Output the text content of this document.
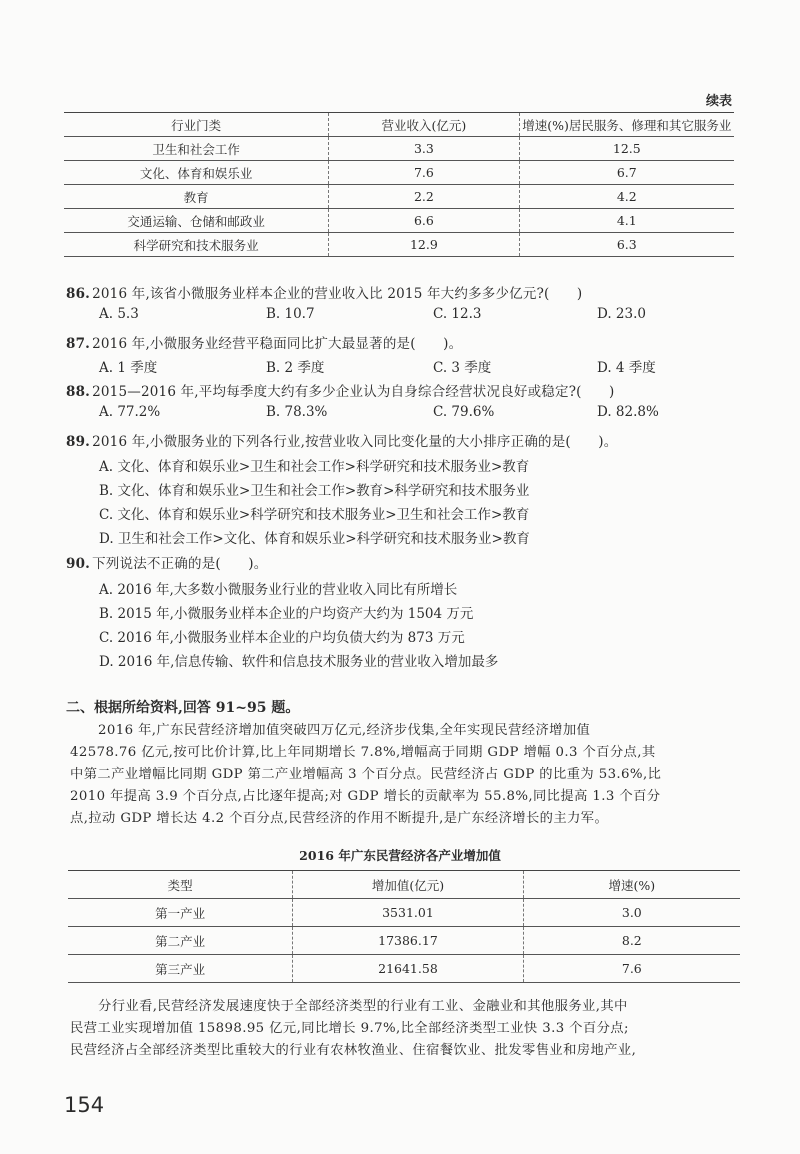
续表
行业门类	营业收入(亿元)	增速(%)居民服务、修理和其它服务业
卫生和社会工作	3.3	12.5
文化、体育和娱乐业	7.6	6.7
教育	2.2	4.2
交通运输、仓储和邮政业	6.6	4.1
科学研究和技术服务业	12.9	6.3
86. 2016 年,该省小微服务业样本企业的营业收入比 2015 年大约多多少亿元?(　　)
A. 5.3	B. 10.7	C. 12.3	D. 23.0
87. 2016 年,小微服务业经营平稳面同比扩大最显著的是(　　)。
A. 1 季度	B. 2 季度	C. 3 季度	D. 4 季度
88. 2015—2016 年,平均每季度大约有多少企业认为自身综合经营状况良好或稳定?(　　)
A. 77.2%	B. 78.3%	C. 79.6%	D. 82.8%
89. 2016 年,小微服务业的下列各行业,按营业收入同比变化量的大小排序正确的是(　　)。
A. 文化、体育和娱乐业>卫生和社会工作>科学研究和技术服务业>教育
B. 文化、体育和娱乐业>卫生和社会工作>教育>科学研究和技术服务业
C. 文化、体育和娱乐业>科学研究和技术服务业>卫生和社会工作>教育
D. 卫生和社会工作>文化、体育和娱乐业>科学研究和技术服务业>教育
90. 下列说法不正确的是(　　)。
A. 2016 年,大多数小微服务业行业的营业收入同比有所增长
B. 2015 年,小微服务业样本企业的户均资产大约为 1504 万元
C. 2016 年,小微服务业样本企业的户均负债大约为 873 万元
D. 2016 年,信息传输、软件和信息技术服务业的营业收入增加最多
二、根据所给资料,回答 91~95 题。
2016 年,广东民营经济增加值突破四万亿元,经济步伐集,全年实现民营经济增加值
42578.76 亿元,按可比价计算,比上年同期增长 7.8%,增幅高于同期 GDP 增幅 0.3 个百分点,其
中第二产业增幅比同期 GDP 第二产业增幅高 3 个百分点。民营经济占 GDP 的比重为 53.6%,比
2010 年提高 3.9 个百分点,占比逐年提高;对 GDP 增长的贡献率为 55.8%,同比提高 1.3 个百分
点,拉动 GDP 增长达 4.2 个百分点,民营经济的作用不断提升,是广东经济增长的主力军。
2016 年广东民营经济各产业增加值
类型	增加值(亿元)	增速(%)
第一产业	3531.01	3.0
第二产业	17386.17	8.2
第三产业	21641.58	7.6
分行业看,民营经济发展速度快于全部经济类型的行业有工业、金融业和其他服务业,其中
民营工业实现增加值 15898.95 亿元,同比增长 9.7%,比全部经济类型工业快 3.3 个百分点;
民营经济占全部经济类型比重较大的行业有农林牧渔业、住宿餐饮业、批发零售业和房地产业,
154
